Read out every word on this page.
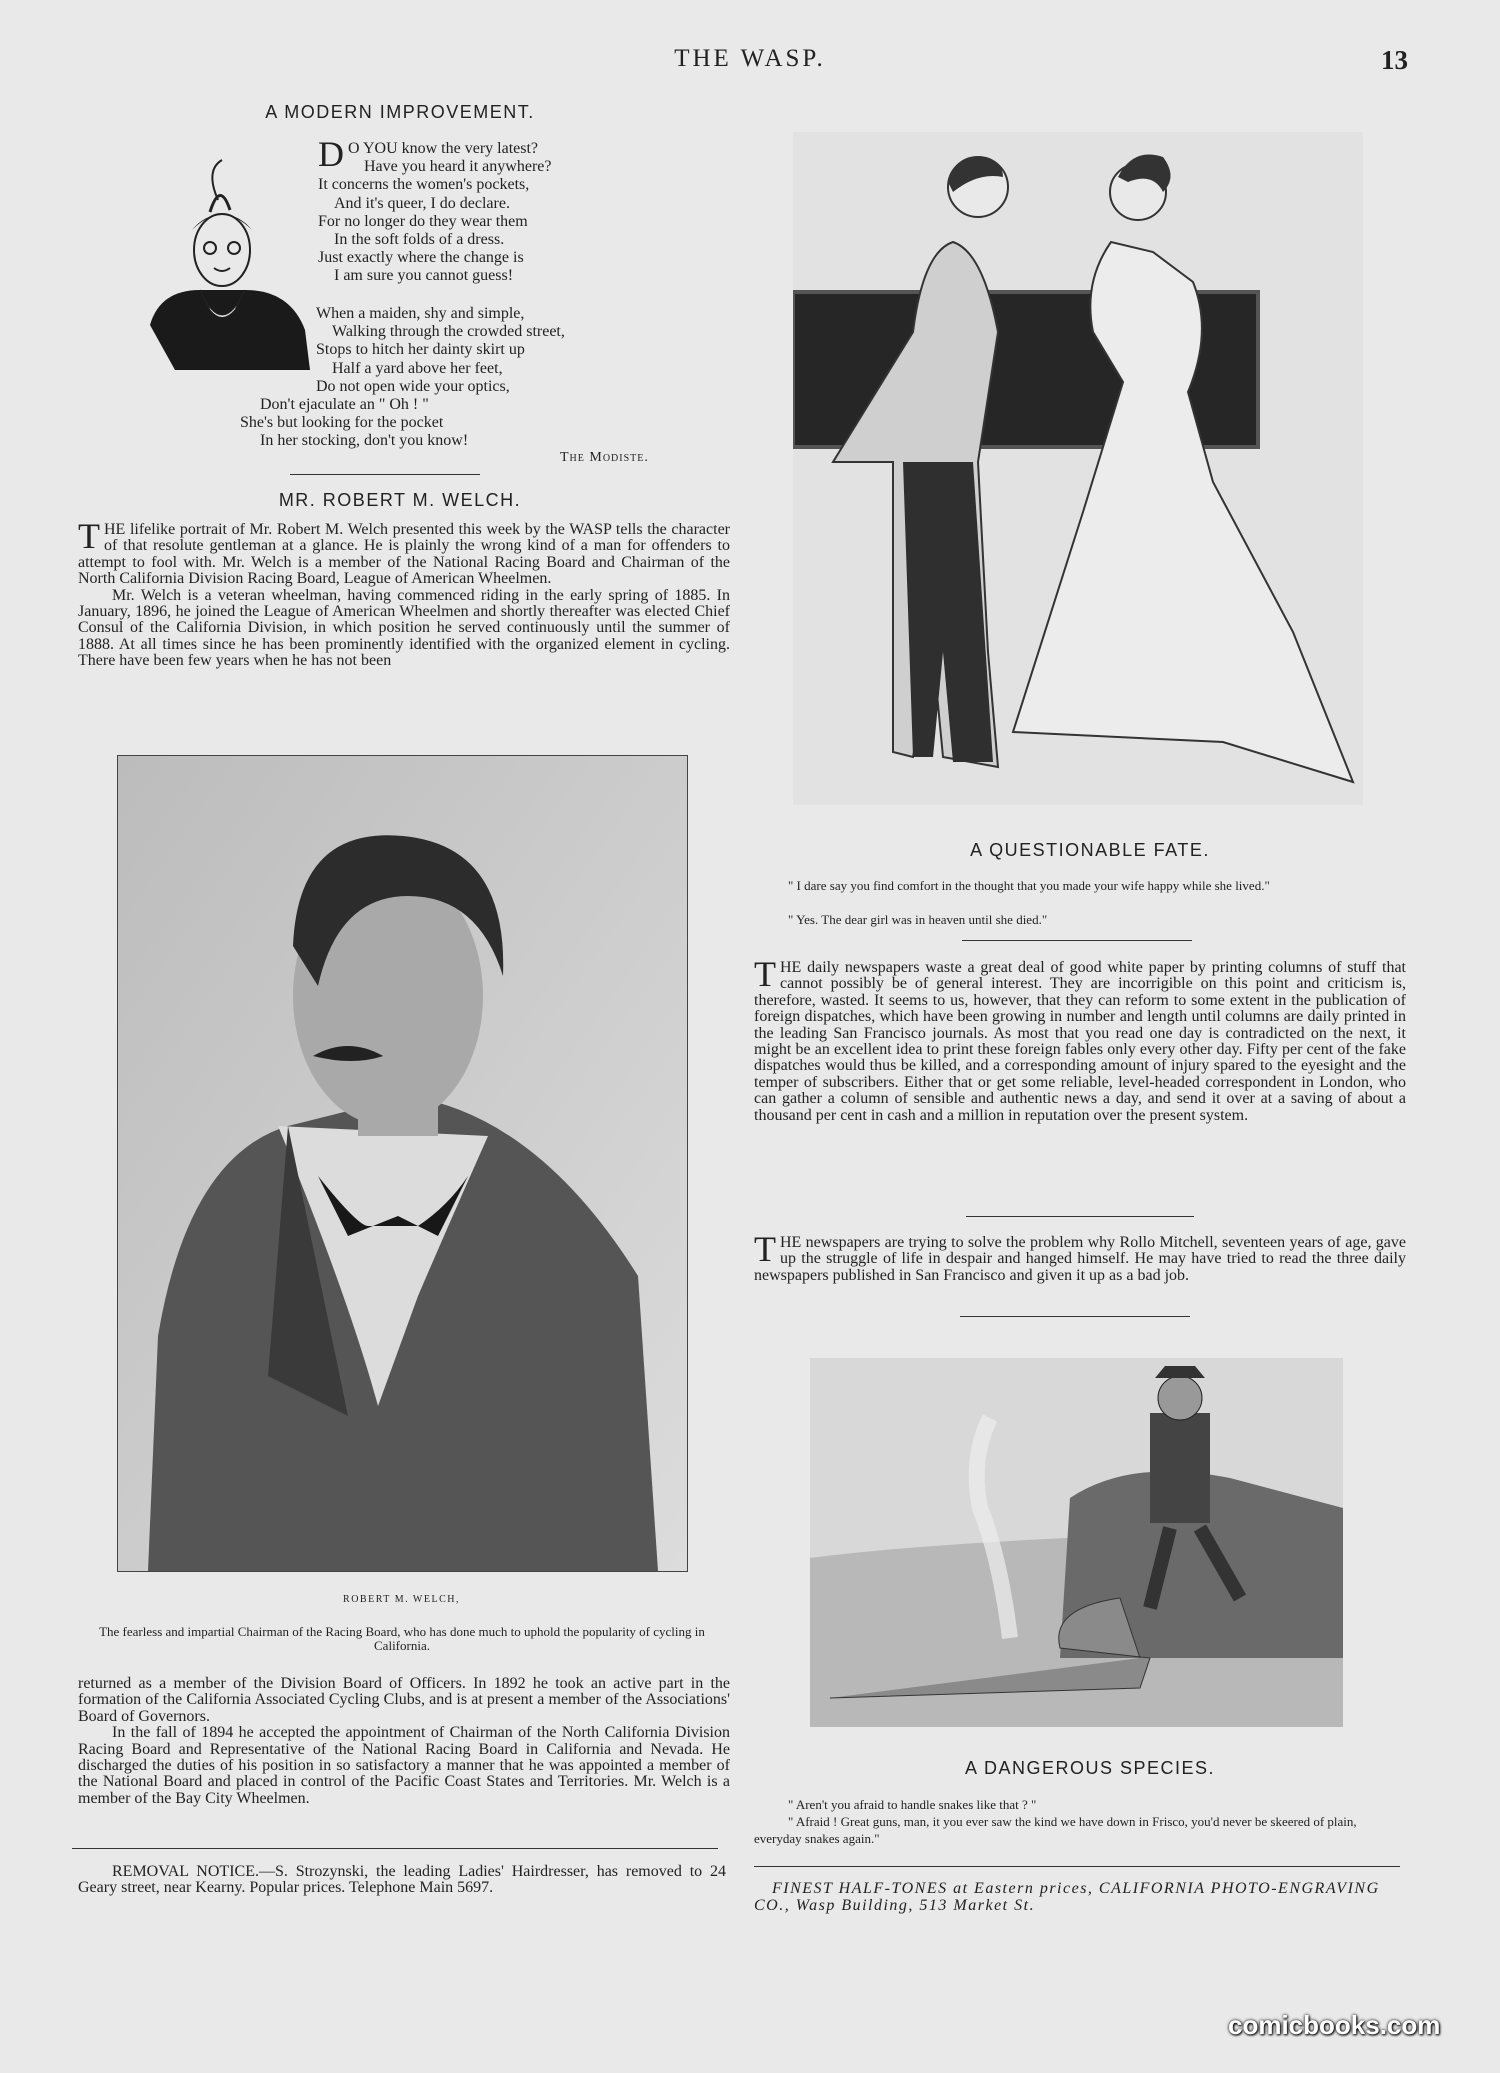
THE WASP.	13
A MODERN IMPROVEMENT.
D O YOU know the very latest?
Have you heard it anywhere?
It concerns the women's pockets,
And it's queer, I do declare.
For no longer do they wear them
In the soft folds of a dress.
Just exactly where the change is
I am sure you cannot guess!
When a maiden, shy and simple,
Walking through the crowded street,
Stops to hitch her dainty skirt up
Half a yard above her feet,
Do not open wide your optics,
Don't ejaculate an " Oh ! "
She's but looking for the pocket
In her stocking, don't you know!
The Modiste.
MR. ROBERT M. WELCH.

THE lifelike portrait of Mr. Robert M. Welch presented this week by the WASP tells the character of that resolute gentleman at a glance. He is plainly the wrong kind of a man for offenders to attempt to fool with. Mr. Welch is a member of the National Racing Board and Chairman of the North California Division Racing Board, League of American Wheelmen.

Mr. Welch is a veteran wheelman, having commenced riding in the early spring of 1885. In January, 1896, he joined the League of American Wheelmen and shortly thereafter was elected Chief Consul of the California Division, in which position he served continuously until the summer of 1888. At all times since he has been prominently identified with the organized element in cycling. There have been few years when he has not been

ROBERT M. WELCH,
The fearless and impartial Chairman of the Racing Board, who has done much to uphold the popularity of cycling in California.

returned as a member of the Division Board of Officers. In 1892 he took an active part in the formation of the California Associated Cycling Clubs, and is at present a member of the Associations' Board of Governors.

In the fall of 1894 he accepted the appointment of Chairman of the North California Division Racing Board and Representative of the National Racing Board in California and Nevada. He discharged the duties of his position in so satisfactory a manner that he was appointed a member of the National Board and placed in control of the Pacific Coast States and Territories. Mr. Welch is a member of the Bay City Wheelmen.

REMOVAL NOTICE.—S. Strozynski, the leading Ladies' Hairdresser, has removed to 24 Geary street, near Kearny. Popular prices. Telephone Main 5697.
A QUESTIONABLE FATE.
" I dare say you find comfort in the thought that you made your wife happy while she lived."
" Yes. The dear girl was in heaven until she died."

THE daily newspapers waste a great deal of good white paper by printing columns of stuff that cannot possibly be of general interest. They are incorrigible on this point and criticism is, therefore, wasted. It seems to us, however, that they can reform to some extent in the publication of foreign dispatches, which have been growing in number and length until columns are daily printed in the leading San Francisco journals. As most that you read one day is contradicted on the next, it might be an excellent idea to print these foreign fables only every other day. Fifty per cent of the fake dispatches would thus be killed, and a corresponding amount of injury spared to the eyesight and the temper of subscribers. Either that or get some reliable, level-headed correspondent in London, who can gather a column of sensible and authentic news a day, and send it over at a saving of about a thousand per cent in cash and a million in reputation over the present system.

THE newspapers are trying to solve the problem why Rollo Mitchell, seventeen years of age, gave up the struggle of life in despair and hanged himself. He may have tried to read the three daily newspapers published in San Francisco and given it up as a bad job.

A DANGEROUS SPECIES.
" Aren't you afraid to handle snakes like that ? "
" Afraid ! Great guns, man, it you ever saw the kind we have down in Frisco, you'd never be skeered of plain, everyday snakes again."
FINEST HALF-TONES at Eastern prices, CALIFORNIA PHOTO-ENGRAVING CO., Wasp Building, 513 Market St.
comicbooks.com
